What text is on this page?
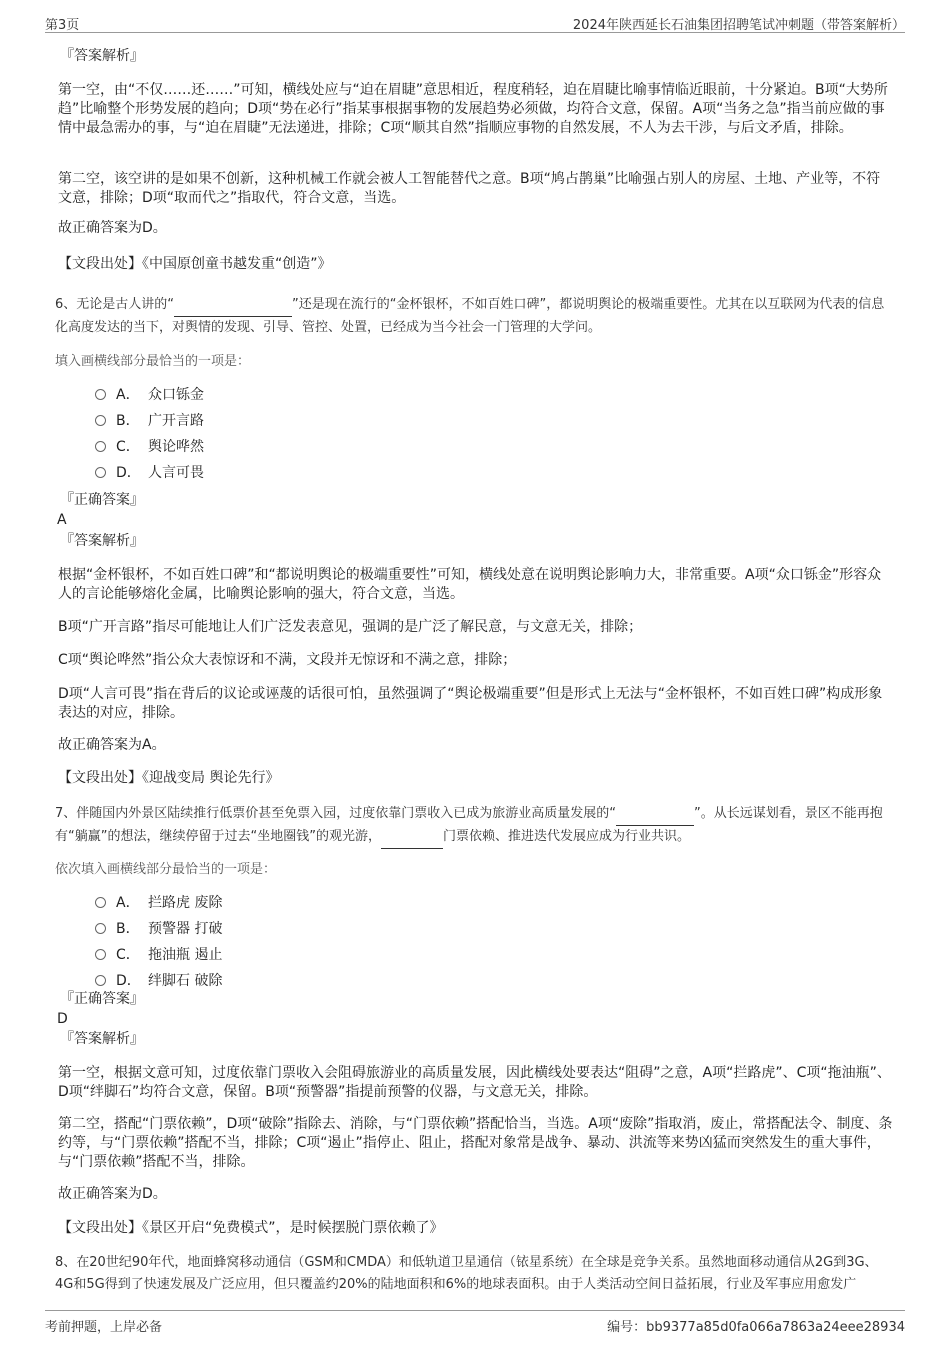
第3页	2024年陕西延长石油集团招聘笔试冲刺题（带答案解析）
『答案解析』
第一空，由“不仅……还……”可知，横线处应与“迫在眉睫”意思相近，程度稍轻，迫在眉睫比喻事情临近眼前，十分紧迫。B项“大势所趋”比喻整个形势发展的趋向；D项“势在必行”指某事根据事物的发展趋势必须做，均符合文意，保留。A项“当务之急”指当前应做的事情中最急需办的事，与“迫在眉睫”无法递进，排除；C项“顺其自然”指顺应事物的自然发展，不人为去干涉，与后文矛盾，排除。
第二空，该空讲的是如果不创新，这种机械工作就会被人工智能替代之意。B项“鸠占鹊巢”比喻强占别人的房屋、土地、产业等，不符文意，排除；D项“取而代之”指取代，符合文意，当选。
故正确答案为D。
【文段出处】《中国原创童书越发重“创造”》
6、无论是古人讲的“	”还是现在流行的“金杯银杯，不如百姓口碑”，都说明舆论的极端重要性。尤其在以互联网为代表的信息化高度发达的当下，对舆情的发现、引导、管控、处置，已经成为当今社会一门管理的大学问。
填入画横线部分最恰当的一项是：
A． 众口铄金
B． 广开言路
C． 舆论哗然
D． 人言可畏
『正确答案』
A
『答案解析』
根据“金杯银杯，不如百姓口碑”和“都说明舆论的极端重要性”可知，横线处意在说明舆论影响力大，非常重要。A项“众口铄金”形容众人的言论能够熔化金属，比喻舆论影响的强大，符合文意，当选。
B项“广开言路”指尽可能地让人们广泛发表意见，强调的是广泛了解民意，与文意无关，排除；
C项“舆论哗然”指公众大表惊讶和不满，文段并无惊讶和不满之意，排除；
D项“人言可畏”指在背后的议论或诬蔑的话很可怕，虽然强调了“舆论极端重要”但是形式上无法与“金杯银杯，不如百姓口碑”构成形象表达的对应，排除。
故正确答案为A。
【文段出处】《迎战变局 舆论先行》
7、伴随国内外景区陆续推行低票价甚至免票入园，过度依靠门票收入已成为旅游业高质量发展的“	”。从长远谋划看，景区不能再抱有“躺赢”的想法，继续停留于过去“坐地圈钱”的观光游，	门票依赖、推进迭代发展应成为行业共识。
依次填入画横线部分最恰当的一项是：
A． 拦路虎 废除
B． 预警器 打破
C． 拖油瓶 遏止
D． 绊脚石 破除
『正确答案』
D
『答案解析』
第一空，根据文意可知，过度依靠门票收入会阻碍旅游业的高质量发展，因此横线处要表达“阻碍”之意，A项“拦路虎”、C项“拖油瓶”、D项“绊脚石”均符合文意，保留。B项“预警器”指提前预警的仪器，与文意无关，排除。
第二空，搭配“门票依赖”，D项“破除”指除去、消除，与“门票依赖”搭配恰当，当选。A项“废除”指取消，废止，常搭配法令、制度、条约等，与“门票依赖”搭配不当，排除；C项“遏止”指停止、阻止，搭配对象常是战争、暴动、洪流等来势凶猛而突然发生的重大事件，与“门票依赖”搭配不当，排除。
故正确答案为D。
【文段出处】《景区开启“免费模式”，是时候摆脱门票依赖了》
8、在20世纪90年代，地面蜂窝移动通信（GSM和CMDA）和低轨道卫星通信（铱星系统）在全球是竞争关系。虽然地面移动通信从2G到3G、4G和5G得到了快速发展及广泛应用，但只覆盖约20%的陆地面积和6%的地球表面积。由于人类活动空间日益拓展，行业及军事应用愈发广
考前押题，上岸必备	编号：bb9377a85d0fa066a7863a24eee28934
